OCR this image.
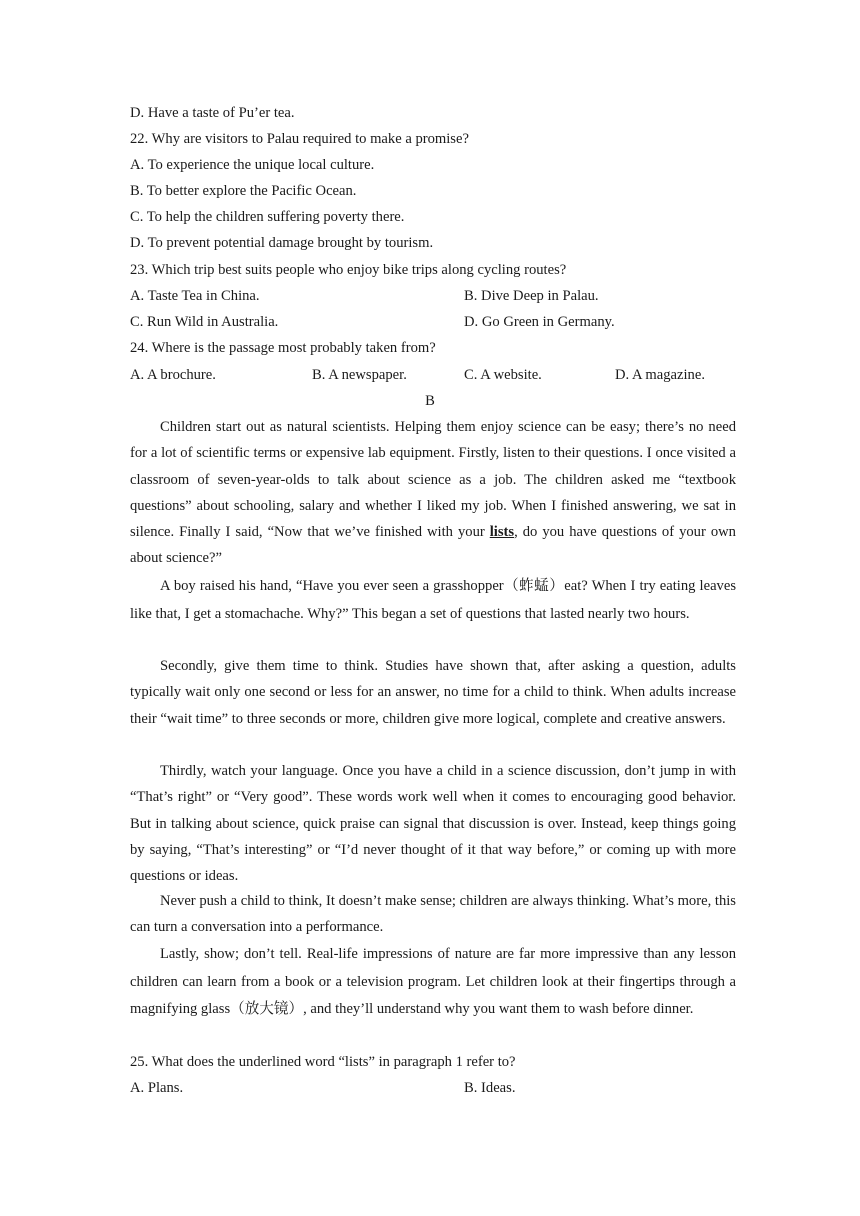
D. Have a taste of Pu’er tea.
22. Why are visitors to Palau required to make a promise?
A. To experience the unique local culture.
B. To better explore the Pacific Ocean.
C. To help the children suffering poverty there.
D. To prevent potential damage brought by tourism.
23. Which trip best suits people who enjoy bike trips along cycling routes?
A. Taste Tea in China.	B. Dive Deep in Palau.
C. Run Wild in Australia.	D. Go Green in Germany.
24. Where is the passage most probably taken from?
A. A brochure.	B. A newspaper.	C. A website.	D. A magazine.
B
Children start out as natural scientists. Helping them enjoy science can be easy; there’s no need for a lot of scientific terms or expensive lab equipment. Firstly, listen to their questions. I once visited a classroom of seven-year-olds to talk about science as a job. The children asked me “textbook questions” about schooling, salary and whether I liked my job. When I finished answering, we sat in silence. Finally I said, “Now that we’ve finished with your lists, do you have questions of your own about science?”
A boy raised his hand, “Have you ever seen a grasshopper（蚱蜢）eat? When I try eating leaves like that, I get a stomachache. Why?” This began a set of questions that lasted nearly two hours.
Secondly, give them time to think. Studies have shown that, after asking a question, adults typically wait only one second or less for an answer, no time for a child to think. When adults increase their “wait time” to three seconds or more, children give more logical, complete and creative answers.
Thirdly, watch your language. Once you have a child in a science discussion, don’t jump in with “That’s right” or “Very good”. These words work well when it comes to encouraging good behavior. But in talking about science, quick praise can signal that discussion is over. Instead, keep things going by saying, “That’s interesting” or “I’d never thought of it that way before,” or coming up with more questions or ideas.
Never push a child to think, It doesn’t make sense; children are always thinking. What’s more, this can turn a conversation into a performance.
Lastly, show; don’t tell. Real-life impressions of nature are far more impressive than any lesson children can learn from a book or a television program. Let children look at their fingertips through a magnifying glass（放大镜）, and they’ll understand why you want them to wash before dinner.
25. What does the underlined word “lists” in paragraph 1 refer to?
A. Plans.	B. Ideas.
